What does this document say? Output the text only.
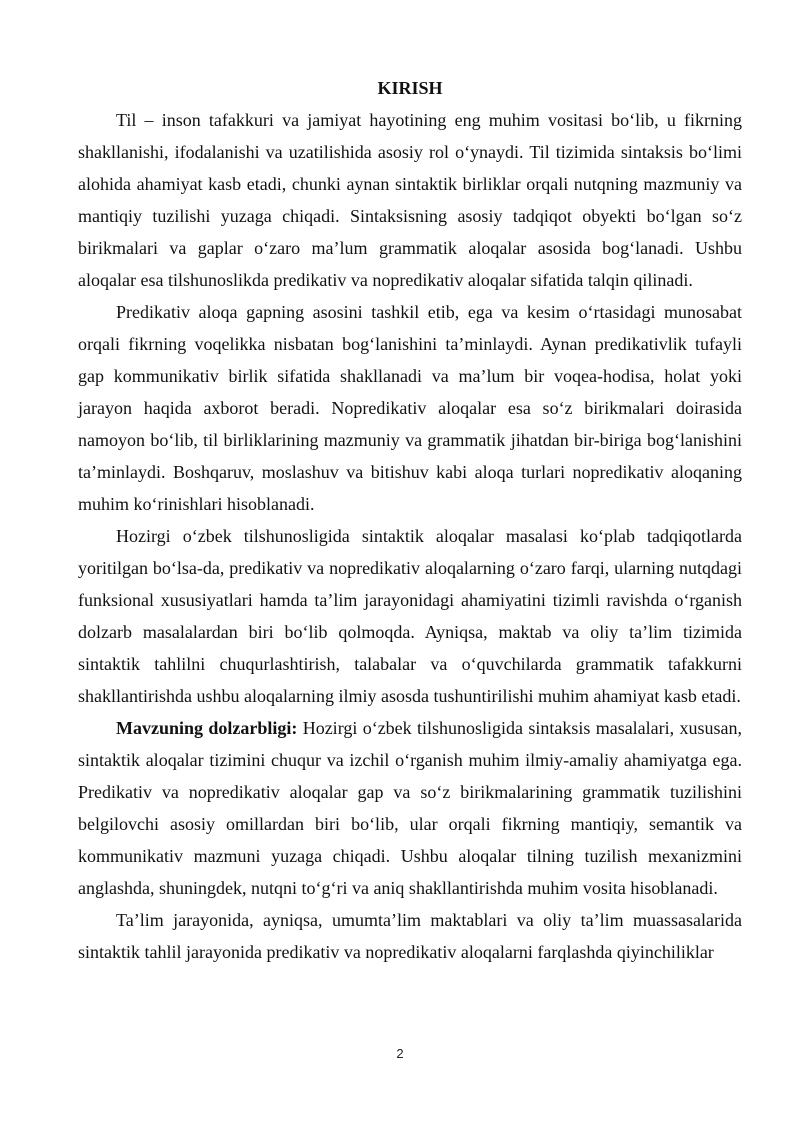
KIRISH

Til – inson tafakkuri va jamiyat hayotining eng muhim vositasi bo‘lib, u fikrning shakllanishi, ifodalanishi va uzatilishida asosiy rol o‘ynaydi. Til tizimida sintaksis bo‘limi alohida ahamiyat kasb etadi, chunki aynan sintaktik birliklar orqali nutqning mazmuniy va mantiqiy tuzilishi yuzaga chiqadi. Sintaksisning asosiy tadqiqot obyekti bo‘lgan so‘z birikmalari va gaplar o‘zaro ma’lum grammatik aloqalar asosida bog‘lanadi. Ushbu aloqalar esa tilshunoslikda predikativ va nopredikativ aloqalar sifatida talqin qilinadi.

Predikativ aloqa gapning asosini tashkil etib, ega va kesim o‘rtasidagi munosabat orqali fikrning voqelikka nisbatan bog‘lanishini ta’minlaydi. Aynan predikativlik tufayli gap kommunikativ birlik sifatida shakllanadi va ma’lum bir voqea-hodisa, holat yoki jarayon haqida axborot beradi. Nopredikativ aloqalar esa so‘z birikmalari doirasida namoyon bo‘lib, til birliklarining mazmuniy va grammatik jihatdan bir-biriga bog‘lanishini ta’minlaydi. Boshqaruv, moslashuv va bitishuv kabi aloqa turlari nopredikativ aloqaning muhim ko‘rinishlari hisoblanadi.

Hozirgi o‘zbek tilshunosligida sintaktik aloqalar masalasi ko‘plab tadqiqotlarda yoritilgan bo‘lsa-da, predikativ va nopredikativ aloqalarning o‘zaro farqi, ularning nutqdagi funksional xususiyatlari hamda ta’lim jarayonidagi ahamiyatini tizimli ravishda o‘rganish dolzarb masalalardan biri bo‘lib qolmoqda. Ayniqsa, maktab va oliy ta’lim tizimida sintaktik tahlilni chuqurlashtirish, talabalar va o‘quvchilarda grammatik tafakkurni shakllantirishda ushbu aloqalarning ilmiy asosda tushuntirilishi muhim ahamiyat kasb etadi.

Mavzuning dolzarbligi: Hozirgi o‘zbek tilshunosligida sintaksis masalalari, xususan, sintaktik aloqalar tizimini chuqur va izchil o‘rganish muhim ilmiy-amaliy ahamiyatga ega. Predikativ va nopredikativ aloqalar gap va so‘z birikmalarining grammatik tuzilishini belgilovchi asosiy omillardan biri bo‘lib, ular orqali fikrning mantiqiy, semantik va kommunikativ mazmuni yuzaga chiqadi. Ushbu aloqalar tilning tuzilish mexanizmini anglashda, shuningdek, nutqni to‘g‘ri va aniq shakllantirishda muhim vosita hisoblanadi.

Ta’lim jarayonida, ayniqsa, umumta’lim maktablari va oliy ta’lim muassasalarida sintaktik tahlil jarayonida predikativ va nopredikativ aloqalarni farqlashda qiyinchiliklar

2
